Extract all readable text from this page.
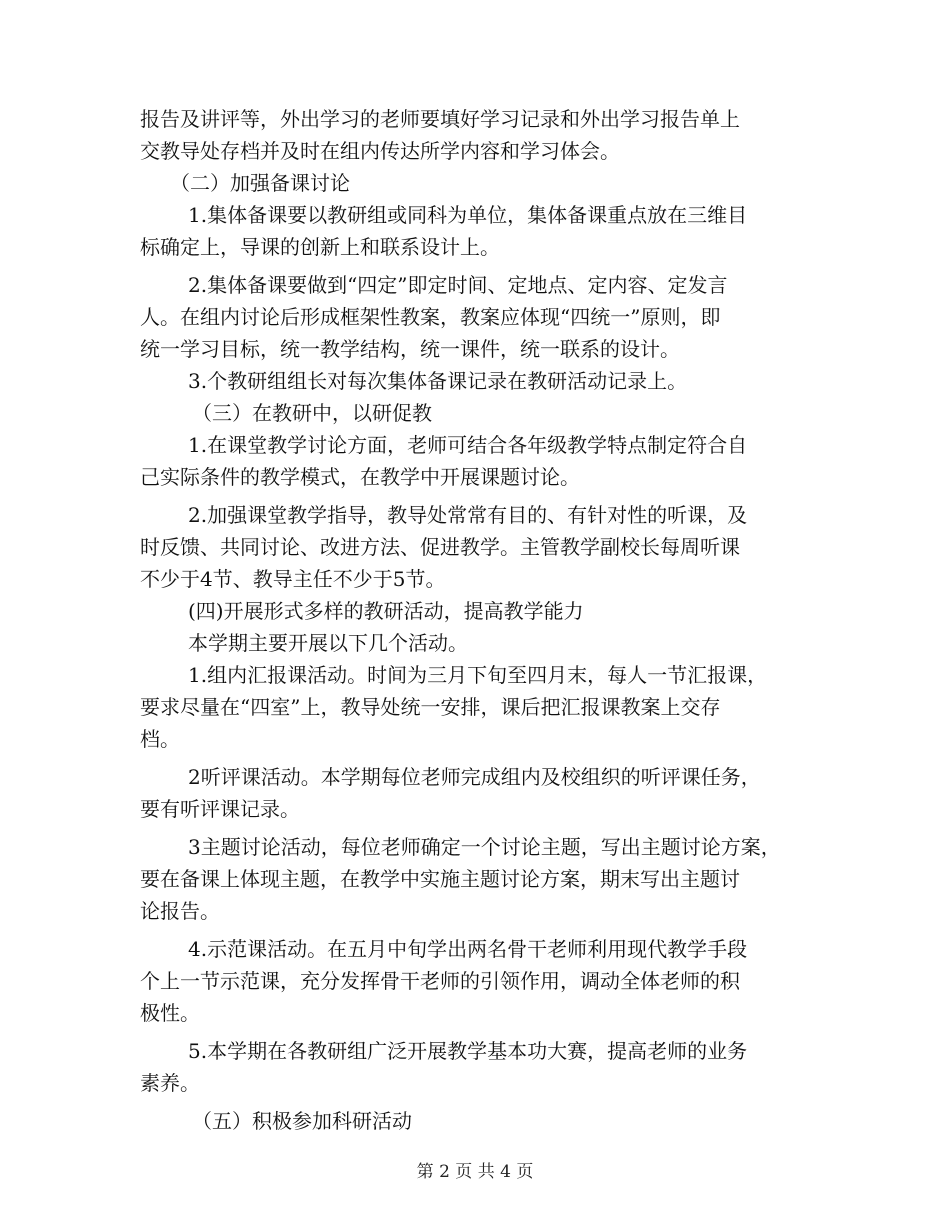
报告及讲评等，外出学习的老师要填好学习记录和外出学习报告单上
交教导处存档并及时在组内传达所学内容和学习体会。
（二）加强备课讨论
1.集体备课要以教研组或同科为单位，集体备课重点放在三维目
标确定上，导课的创新上和联系设计上。
2.集体备课要做到“四定”即定时间、定地点、定内容、定发言
人。在组内讨论后形成框架性教案，教案应体现“四统一”原则，即
统一学习目标，统一教学结构，统一课件，统一联系的设计。
3.个教研组组长对每次集体备课记录在教研活动记录上。
（三）在教研中，以研促教
1.在课堂教学讨论方面，老师可结合各年级教学特点制定符合自
己实际条件的教学模式，在教学中开展课题讨论。
2.加强课堂教学指导，教导处常常有目的、有针对性的听课，及
时反馈、共同讨论、改进方法、促进教学。主管教学副校长每周听课
不少于4节、教导主任不少于5节。
(四)开展形式多样的教研活动，提高教学能力
本学期主要开展以下几个活动。
1.组内汇报课活动。时间为三月下旬至四月末，每人一节汇报课，
要求尽量在“四室”上，教导处统一安排，课后把汇报课教案上交存
档。
2听评课活动。本学期每位老师完成组内及校组织的听评课任务，
要有听评课记录。
3主题讨论活动，每位老师确定一个讨论主题，写出主题讨论方案，
要在备课上体现主题，在教学中实施主题讨论方案，期末写出主题讨
论报告。
4.示范课活动。在五月中旬学出两名骨干老师利用现代教学手段
个上一节示范课，充分发挥骨干老师的引领作用，调动全体老师的积
极性。
5.本学期在各教研组广泛开展教学基本功大赛，提高老师的业务
素养。
（五）积极参加科研活动
第 2 页 共 4 页
